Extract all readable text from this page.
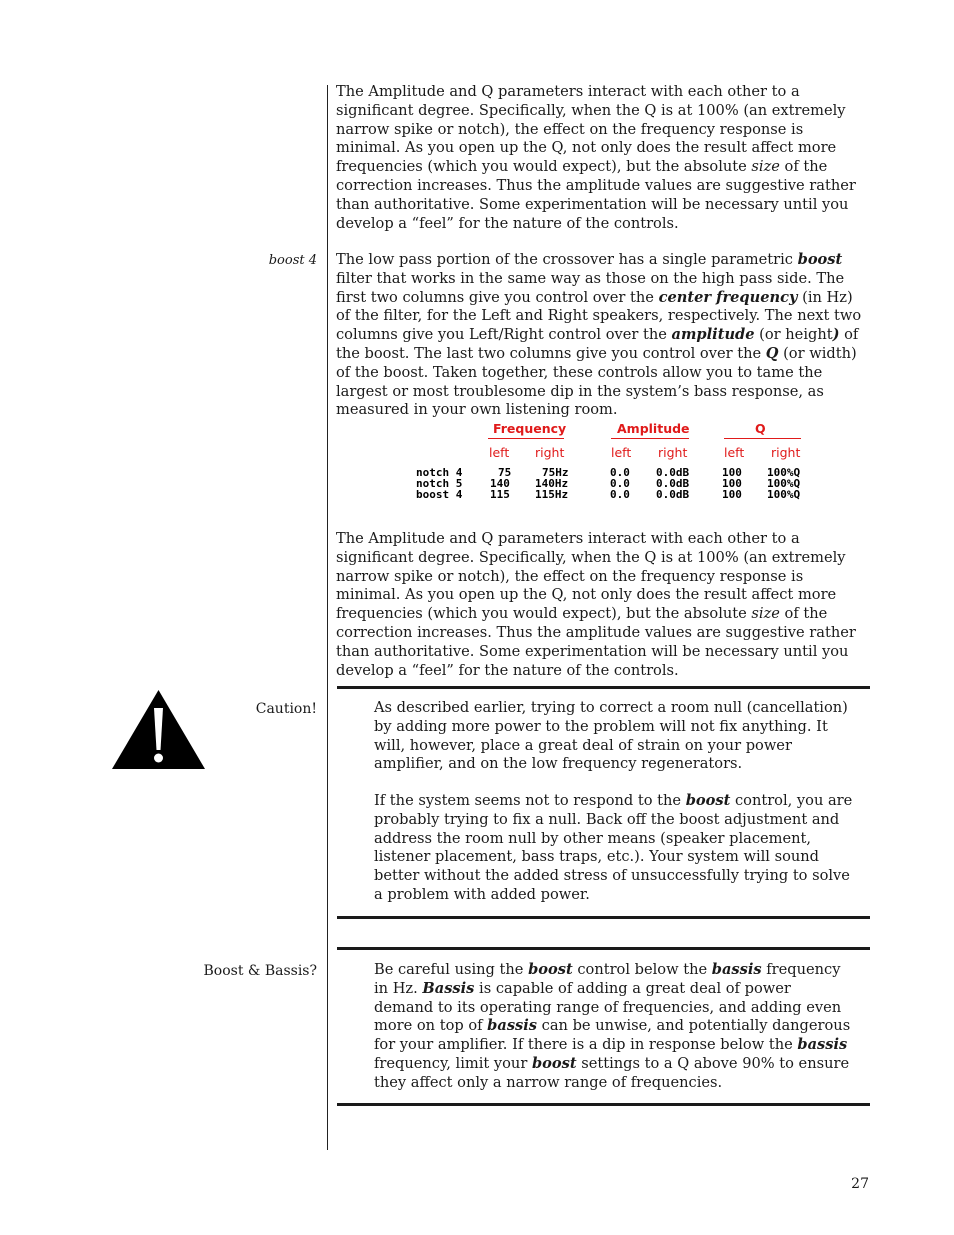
The Amplitude and Q parameters interact with each other to a significant degree. Specifically, when the Q is at 100% (an extremely narrow spike or notch), the effect on the frequency response is minimal. As you open up the Q, not only does the result affect more frequencies (which you would expect), but the absolute size of the correction increases. Thus the amplitude values are suggestive rather than authoritative. Some experimentation will be necessary until you develop a “feel” for the nature of the controls.

boost 4 The low pass portion of the crossover has a single parametric boost filter that works in the same way as those on the high pass side. The first two columns give you control over the center frequency (in Hz) of the filter, for the Left and Right speakers, respectively. The next two columns give you Left/Right control over the amplitude (or height) of the boost. The last two columns give you control over the Q (or width) of the boost. Taken together, these controls allow you to tame the largest or most troublesome dip in the system’s bass response, as measured in your own listening room.

Frequency	Amplitude	Q
left right	left right	left right
notch 4	75	75Hz	0.0 0.0dB	100 100%Q
notch 5	140 140Hz	0.0 0.0dB	100 100%Q
boost 4	115 115Hz	0.0 0.0dB	100 100%Q

The Amplitude and Q parameters interact with each other to a significant degree. Specifically, when the Q is at 100% (an extremely narrow spike or notch), the effect on the frequency response is minimal. As you open up the Q, not only does the result affect more frequencies (which you would expect), but the absolute size of the correction increases. Thus the amplitude values are suggestive rather than authoritative. Some experimentation will be necessary until you develop a “feel” for the nature of the controls.

Caution!	As described earlier, trying to correct a room null (cancellation) by adding more power to the problem will not fix anything. It will, however, place a great deal of strain on your power amplifier, and on the low frequency regenerators.

If the system seems not to respond to the boost control, you are probably trying to fix a null. Back off the boost adjustment and address the room null by other means (speaker placement, listener placement, bass traps, etc.). Your system will sound better without the added stress of unsuccessfully trying to solve a problem with added power.

Boost & Bassis?	Be careful using the boost control below the bassis frequency in Hz. Bassis is capable of adding a great deal of power demand to its operating range of frequencies, and adding even more on top of bassis can be unwise, and potentially dangerous for your amplifier. If there is a dip in response below the bassis frequency, limit your boost settings to a Q above 90% to ensure they affect only a narrow range of frequencies.

27
